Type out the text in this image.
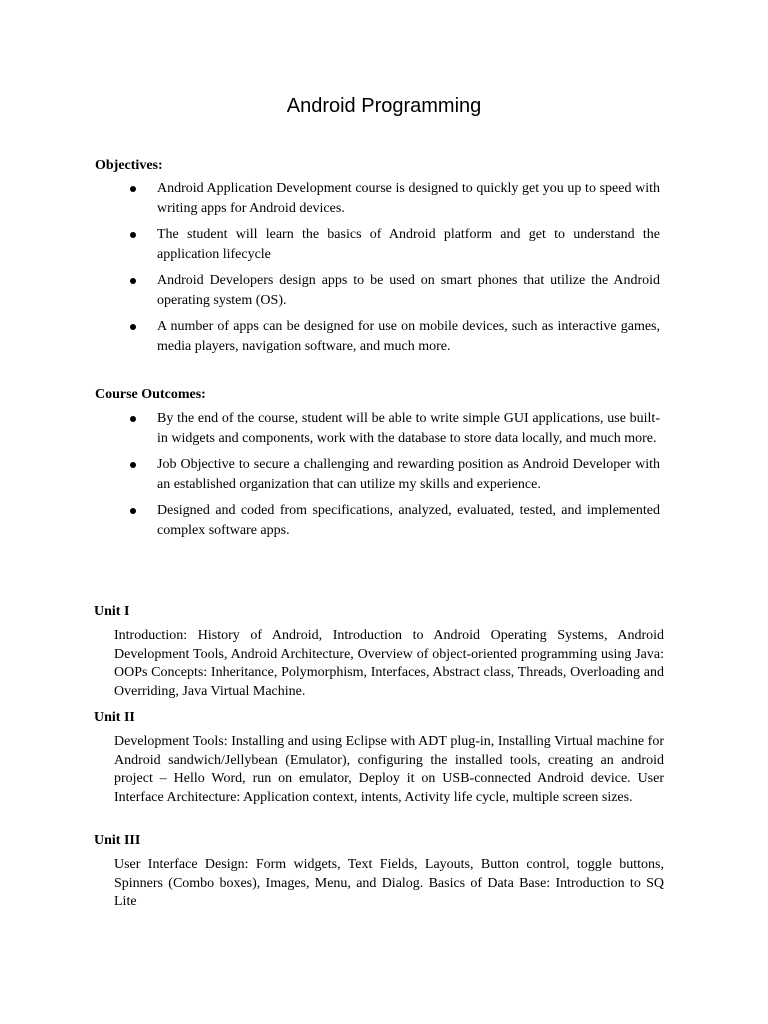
Android Programming
Objectives:
Android Application Development course is designed to quickly get you up to speed with writing apps for Android devices.
The student will learn the basics of Android platform and get to understand the application lifecycle
Android Developers design apps to be used on smart phones that utilize the Android operating system (OS).
A number of apps can be designed for use on mobile devices, such as interactive games, media players, navigation software, and much more.
Course Outcomes:
By the end of the course, student will be able to write simple GUI applications, use built-in widgets and components, work with the database to store data locally, and much more.
Job Objective to secure a challenging and rewarding position as Android Developer with an established organization that can utilize my skills and experience.
Designed and coded from specifications, analyzed, evaluated, tested, and implemented complex software apps.
Unit I

Introduction: History of Android, Introduction to Android Operating Systems, Android Development Tools, Android Architecture, Overview of object-oriented programming using Java: OOPs Concepts: Inheritance, Polymorphism, Interfaces, Abstract class, Threads, Overloading and Overriding, Java Virtual Machine.

Unit II

Development Tools: Installing and using Eclipse with ADT plug-in, Installing Virtual machine for Android sandwich/Jellybean (Emulator), configuring the installed tools, creating an android project – Hello Word, run on emulator, Deploy it on USB-connected Android device. User Interface Architecture: Application context, intents, Activity life cycle, multiple screen sizes.

Unit III

User Interface Design: Form widgets, Text Fields, Layouts, Button control, toggle buttons, Spinners (Combo boxes), Images, Menu, and Dialog. Basics of Data Base: Introduction to SQ Lite
